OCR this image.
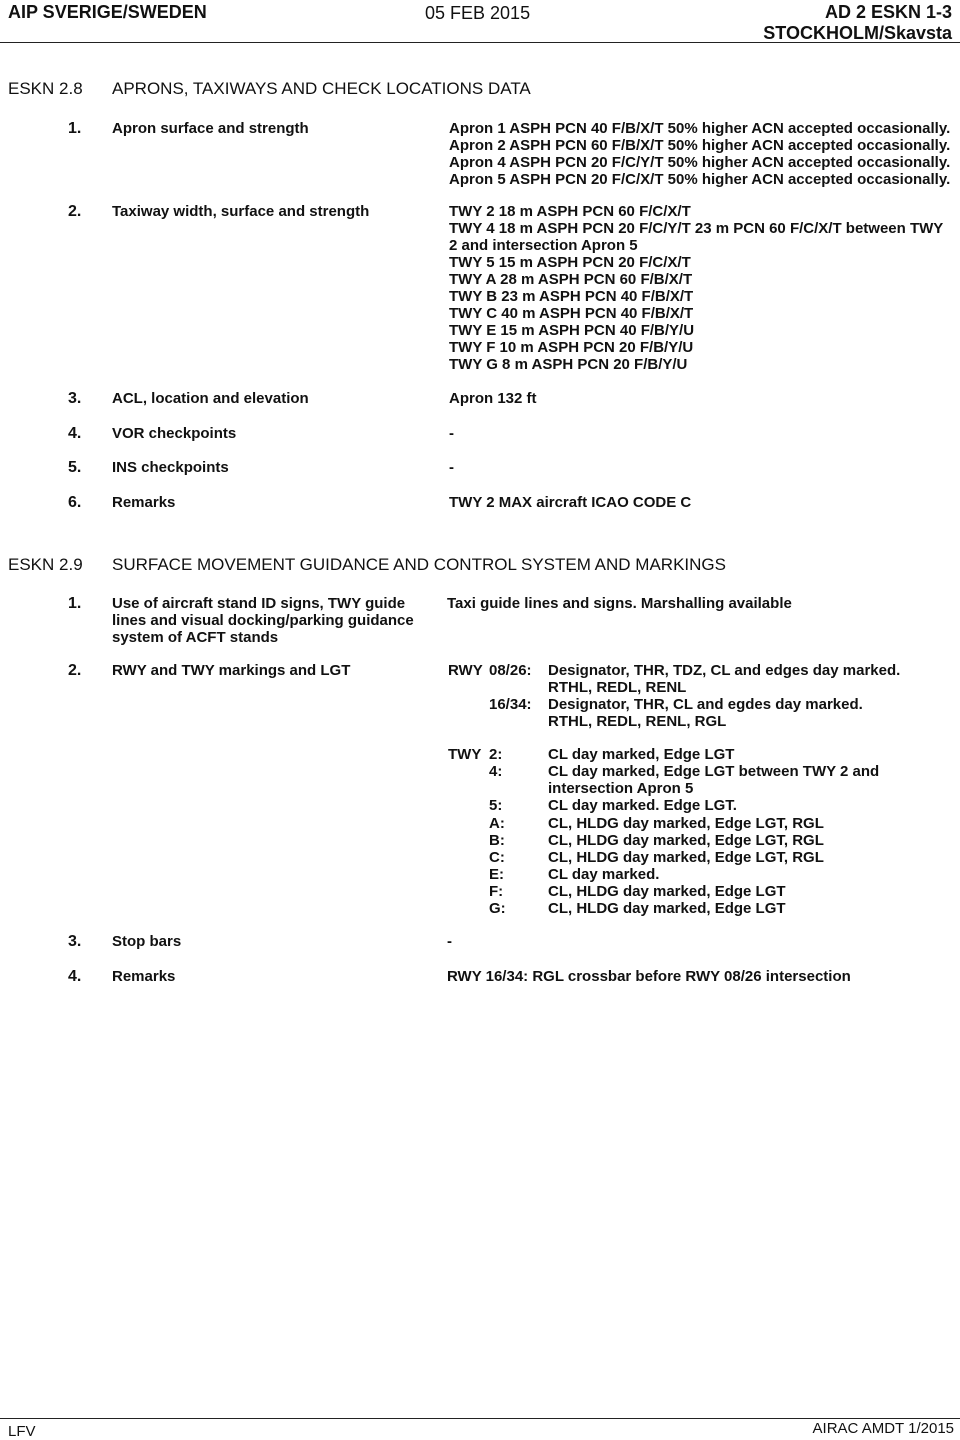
AIP SVERIGE/SWEDEN	05 FEB 2015	AD 2 ESKN 1-3
STOCKHOLM/Skavsta
ESKN 2.8 APRONS, TAXIWAYS AND CHECK LOCATIONS DATA
1. Apron surface and strength	Apron 1 ASPH PCN 40 F/B/X/T 50% higher ACN accepted occasionally.
Apron 2 ASPH PCN 60 F/B/X/T 50% higher ACN accepted occasionally.
Apron 4 ASPH PCN 20 F/C/Y/T 50% higher ACN accepted occasionally.
Apron 5 ASPH PCN 20 F/C/X/T 50% higher ACN accepted occasionally.
2. Taxiway width, surface and strength	TWY 2 18 m ASPH PCN 60 F/C/X/T
TWY 4 18 m ASPH PCN 20 F/C/Y/T 23 m PCN 60 F/C/X/T between TWY 2 and intersection Apron 5
TWY 5 15 m ASPH PCN 20 F/C/X/T
TWY A 28 m ASPH PCN 60 F/B/X/T
TWY B 23 m ASPH PCN 40 F/B/X/T
TWY C 40 m ASPH PCN 40 F/B/X/T
TWY E 15 m ASPH PCN 40 F/B/Y/U
TWY F 10 m ASPH PCN 20 F/B/Y/U
TWY G 8 m ASPH PCN 20 F/B/Y/U
3. ACL, location and elevation	Apron 132 ft
4. VOR checkpoints	-
5. INS checkpoints	-
6. Remarks	TWY 2 MAX aircraft ICAO CODE C
ESKN 2.9 SURFACE MOVEMENT GUIDANCE AND CONTROL SYSTEM AND MARKINGS
1. Use of aircraft stand ID signs, TWY guide lines and visual docking/parking guidance system of ACFT stands
Taxi guide lines and signs. Marshalling available
2. RWY and TWY markings and LGT	RWY 08/26: Designator, THR, TDZ, CL and edges day marked.
RTHL, REDL, RENL
16/34: Designator, THR, CL and egdes day marked.
RTHL, REDL, RENL, RGL
TWY 2:	CL day marked, Edge LGT
4:	CL day marked, Edge LGT between TWY 2 and
intersection Apron 5
5:	CL day marked. Edge LGT.
A:	CL, HLDG day marked, Edge LGT, RGL
B:	CL, HLDG day marked, Edge LGT, RGL
C:	CL, HLDG day marked, Edge LGT, RGL
E:	CL day marked.
F:	CL, HLDG day marked, Edge LGT
G:	CL, HLDG day marked, Edge LGT
3. Stop bars	-
4. Remarks	RWY 16/34: RGL crossbar before RWY 08/26 intersection
LFV	AIRAC AMDT 1/2015
